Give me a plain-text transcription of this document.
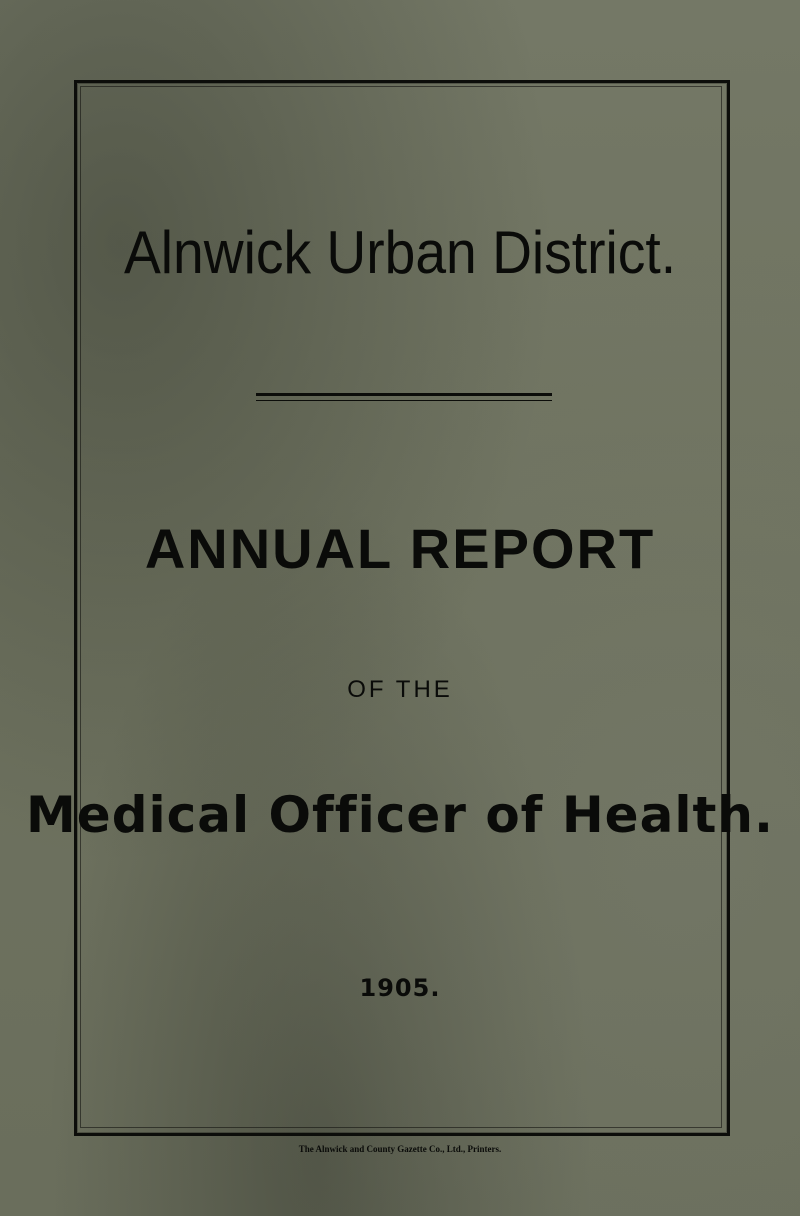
Alnwick Urban District.
ANNUAL REPORT
OF THE
Medical Officer of Health.
1905.
The Alnwick and County Gazette Co., Ltd., Printers.
